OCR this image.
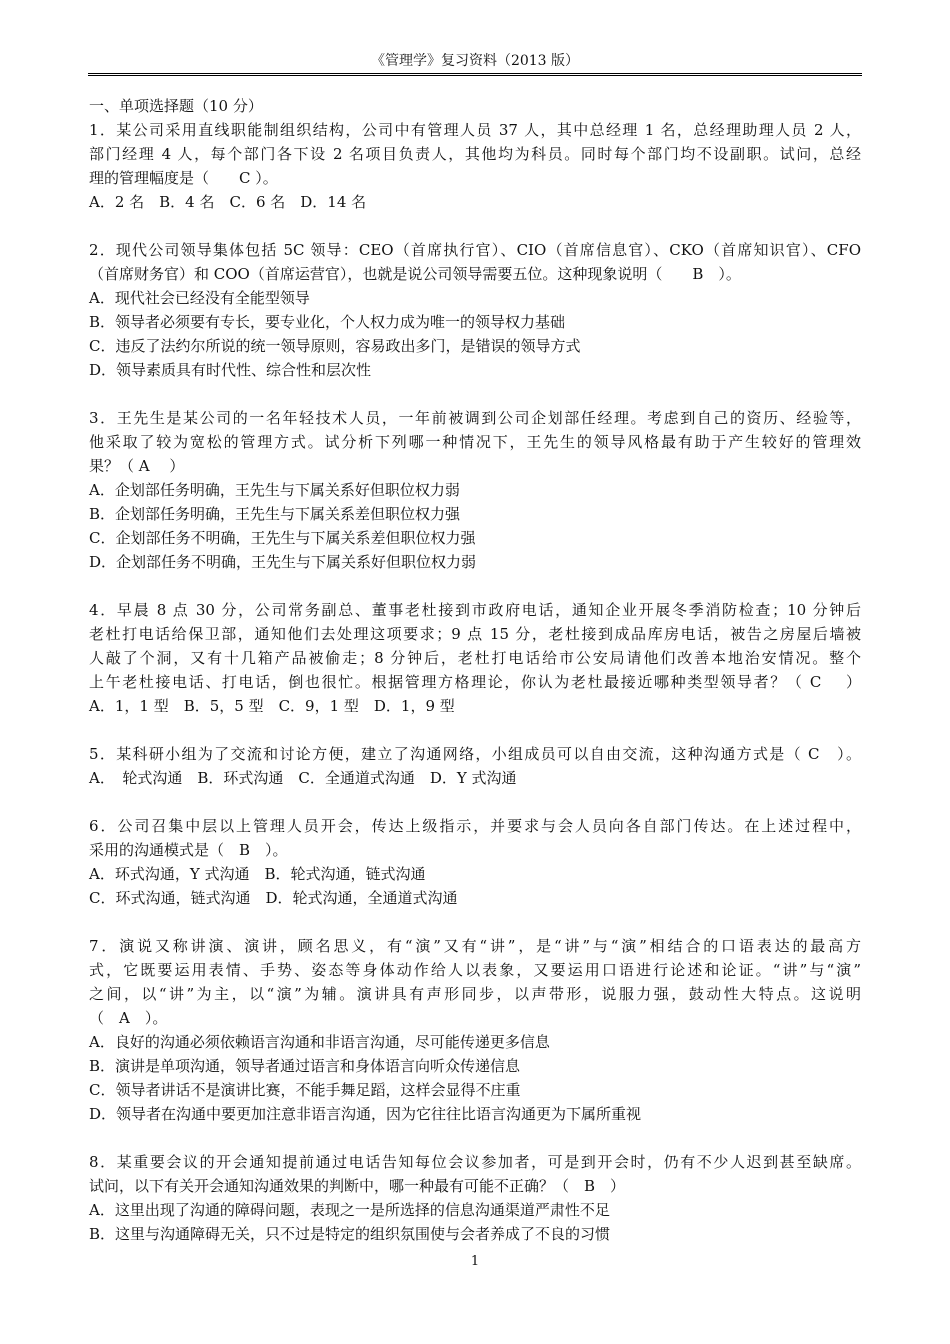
《管理学》复习资料（2013 版）
一、单项选择题（10 分）
1．某公司采用直线职能制组织结构，公司中有管理人员 37 人，其中总经理 1 名，总经理助理人员 2 人，
部门经理 4 人，每个部门各下设 2 名项目负责人，其他均为科员。同时每个部门均不设副职。试问，总经
理的管理幅度是（　　C ）。
A．2 名　B．4 名　C．6 名　D．14 名
2．现代公司领导集体包括 5C 领导：CEO（首席执行官）、CIO（首席信息官）、CKO（首席知识官）、CFO
（首席财务官）和 COO（首席运营官），也就是说公司领导需要五位。这种现象说明（　　B　）。
A．现代社会已经没有全能型领导
B．领导者必须要有专长，要专业化，个人权力成为唯一的领导权力基础
C．违反了法约尔所说的统一领导原则，容易政出多门，是错误的领导方式
D．领导素质具有时代性、综合性和层次性
3．王先生是某公司的一名年轻技术人员，一年前被调到公司企划部任经理。考虑到自己的资历、经验等，
他采取了较为宽松的管理方式。试分析下列哪一种情况下，王先生的领导风格最有助于产生较好的管理效
果？（ A　 ）
A．企划部任务明确，王先生与下属关系好但职位权力弱
B．企划部任务明确，王先生与下属关系差但职位权力强
C．企划部任务不明确，王先生与下属关系差但职位权力强
D．企划部任务不明确，王先生与下属关系好但职位权力弱
4．早晨 8 点 30 分，公司常务副总、董事老杜接到市政府电话，通知企业开展冬季消防检查；10 分钟后
老杜打电话给保卫部，通知他们去处理这项要求；9 点 15 分，老杜接到成品库房电话，被告之房屋后墙被
人敲了个洞，又有十几箱产品被偷走；8 分钟后，老杜打电话给市公安局请他们改善本地治安情况。整个
上午老杜接电话、打电话，倒也很忙。根据管理方格理论，你认为老杜最接近哪种类型领导者？（ C　 ）
A．1，1 型　B．5，5 型　C．9，1 型　D．1，9 型
5．某科研小组为了交流和讨论方便，建立了沟通网络，小组成员可以自由交流，这种沟通方式是（ C　）。
A．　轮式沟通　B．环式沟通　C．全通道式沟通　D．Y 式沟通
6．公司召集中层以上管理人员开会，传达上级指示，并要求与会人员向各自部门传达。在上述过程中，
采用的沟通模式是（　B　）。
A．环式沟通，Y 式沟通　B．轮式沟通，链式沟通
C．环式沟通，链式沟通　D．轮式沟通，全通道式沟通
7．演说又称讲演、演讲，顾名思义，有“演”又有“讲”，是“讲”与“演”相结合的口语表达的最高方
式，它既要运用表情、手势、姿态等身体动作给人以表象，又要运用口语进行论述和论证。“讲”与“演”
之间，以“讲”为主，以“演”为辅。演讲具有声形同步，以声带形，说服力强，鼓动性大特点。这说明
（　A　）。
A．良好的沟通必须依赖语言沟通和非语言沟通，尽可能传递更多信息
B．演讲是单项沟通，领导者通过语言和身体语言向听众传递信息
C．领导者讲话不是演讲比赛，不能手舞足蹈，这样会显得不庄重
D．领导者在沟通中要更加注意非语言沟通，因为它往往比语言沟通更为下属所重视
8．某重要会议的开会通知提前通过电话告知每位会议参加者，可是到开会时，仍有不少人迟到甚至缺席。
试问，以下有关开会通知沟通效果的判断中，哪一种最有可能不正确？（　B　）
A．这里出现了沟通的障碍问题，表现之一是所选择的信息沟通渠道严肃性不足
B．这里与沟通障碍无关，只不过是特定的组织氛围使与会者养成了不良的习惯
1
